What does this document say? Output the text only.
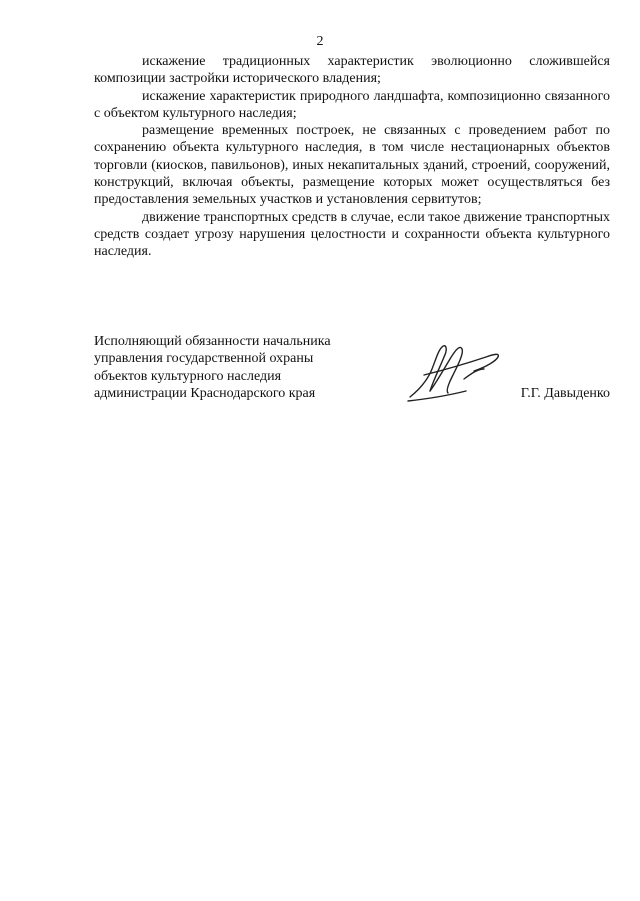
2

искажение традиционных характеристик эволюционно сложившейся композиции застройки исторического владения;

искажение характеристик природного ландшафта, композиционно связанного с объектом культурного наследия;

размещение временных построек, не связанных с проведением работ по сохранению объекта культурного наследия, в том числе нестационарных объектов торговли (киосков, павильонов), иных некапитальных зданий, строений, сооружений, конструкций, включая объекты, размещение которых может осуществляться без предоставления земельных участков и установления сервитутов;

движение транспортных средств в случае, если такое движение транспортных средств создает угрозу нарушения целостности и сохранности объекта культурного наследия.

Исполняющий обязанности начальника
управления государственной охраны
объектов культурного наследия
администрации Краснодарского края	Г.Г. Давыденко
